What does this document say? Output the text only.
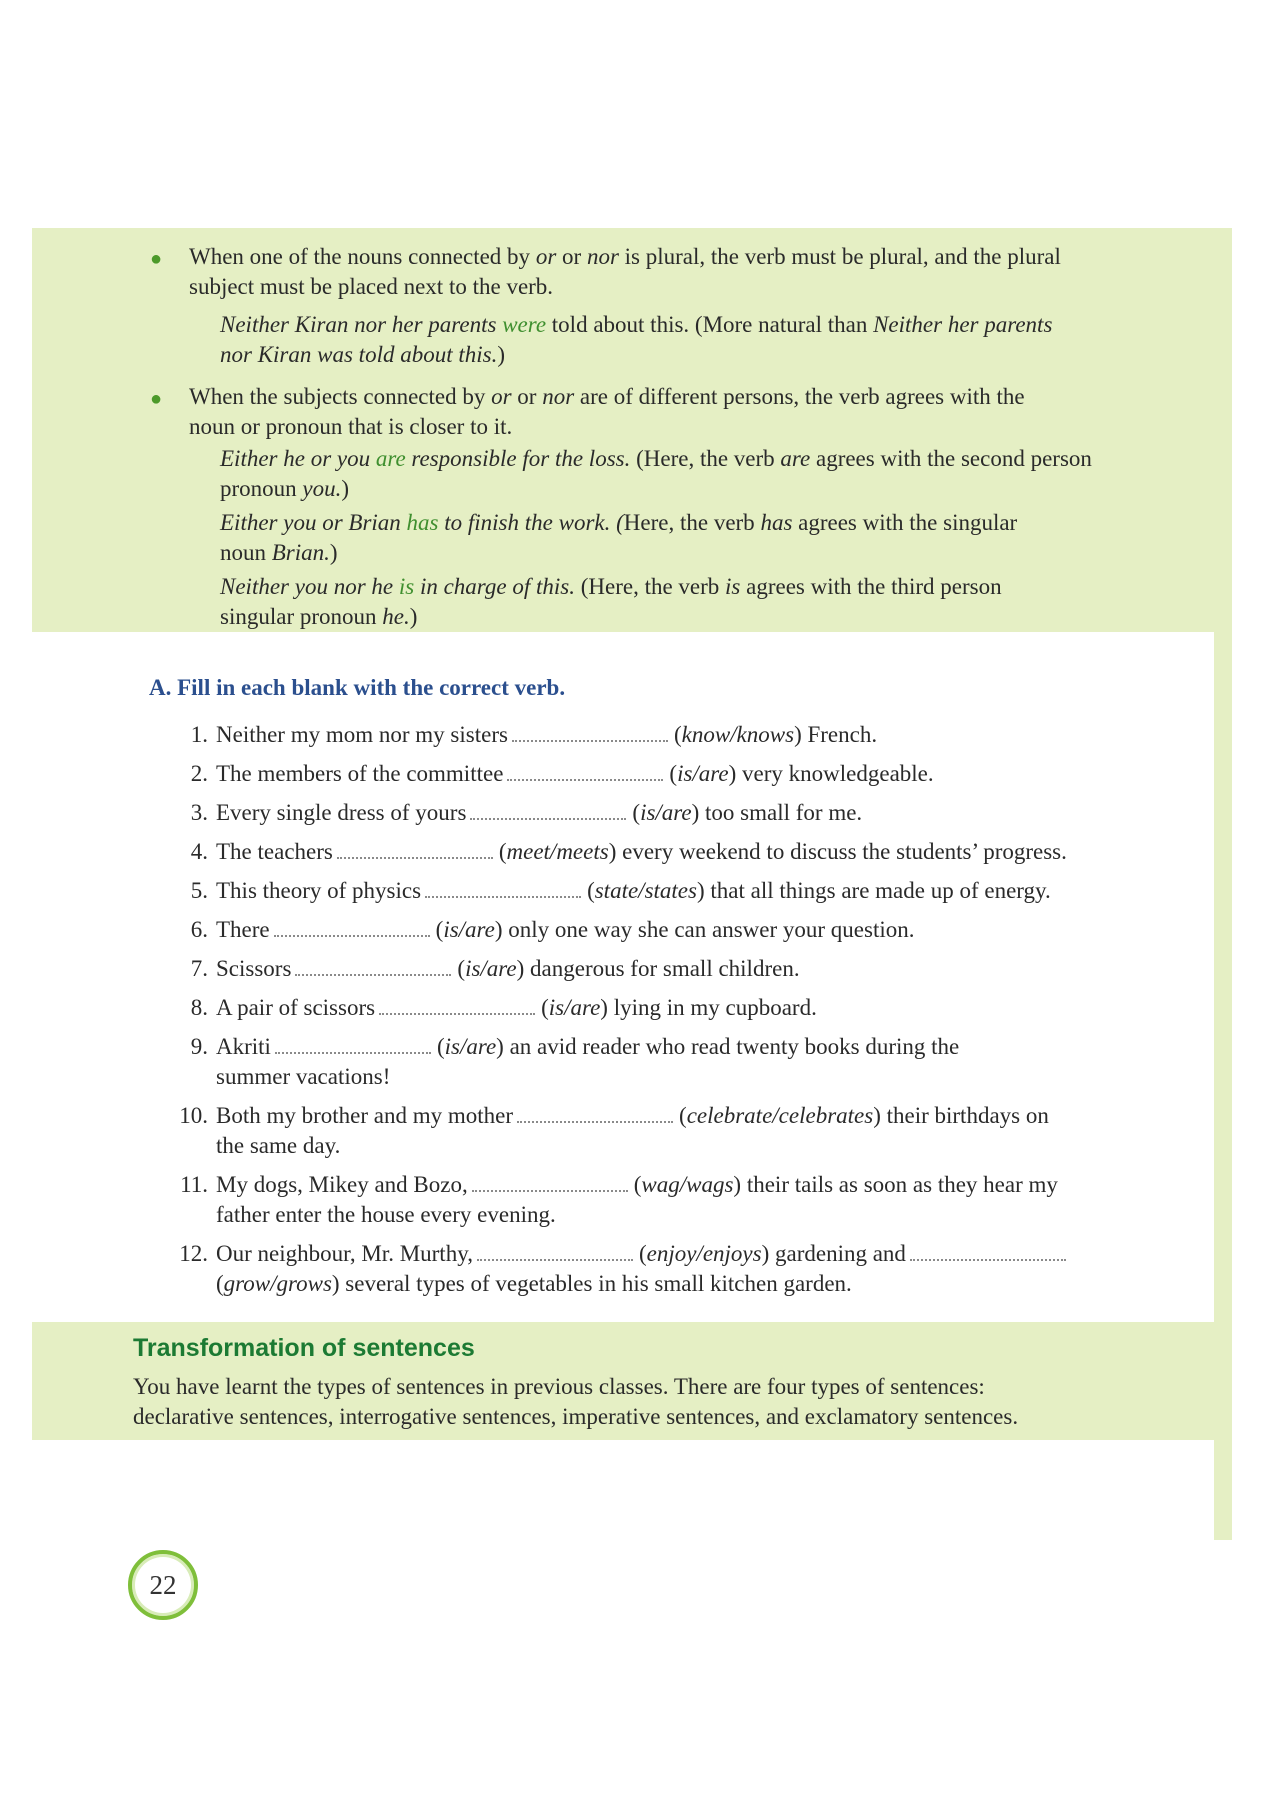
● When one of the nouns connected by or or nor is plural, the verb must be plural, and the plural

subject must be placed next to the verb.

Neither Kiran nor her parents were told about this. (More natural than Neither her parents

nor Kiran was told about this.)

● When the subjects connected by or or nor are of different persons, the verb agrees with the

noun or pronoun that is closer to it.

Either he or you are responsible for the loss. (Here, the verb are agrees with the second person

pronoun you.)

Either you or Brian has to finish the work. (Here, the verb has agrees with the singular

noun Brian.)

Neither you nor he is in charge of this. (Here, the verb is agrees with the third person

singular pronoun he.)

A. Fill in each blank with the correct verb.
1. Neither my mom nor my sisters	(know/knows) French.
2. The members of the committee	(is/are) very knowledgeable.
3. Every single dress of yours	(is/are) too small for me.
4. The teachers	(meet/meets) every weekend to discuss the students’ progress.
5. This theory of physics	(state/states) that all things are made up of energy.
6. There	(is/are) only one way she can answer your question.
7. Scissors	(is/are) dangerous for small children.
8. A pair of scissors	(is/are) lying in my cupboard.
9. Akriti	(is/are) an avid reader who read twenty books during the
summer vacations!
10. Both my brother and my mother	(celebrate/celebrates) their birthdays on
the same day.
11. My dogs, Mikey and Bozo,	(wag/wags) their tails as soon as they hear my
father enter the house every evening.
12. Our neighbour, Mr. Murthy,	(enjoy/enjoys) gardening and
(grow/grows) several types of vegetables in his small kitchen garden.
Transformation of sentences

You have learnt the types of sentences in previous classes. There are four types of sentences:

declarative sentences, interrogative sentences, imperative sentences, and exclamatory sentences.

22
